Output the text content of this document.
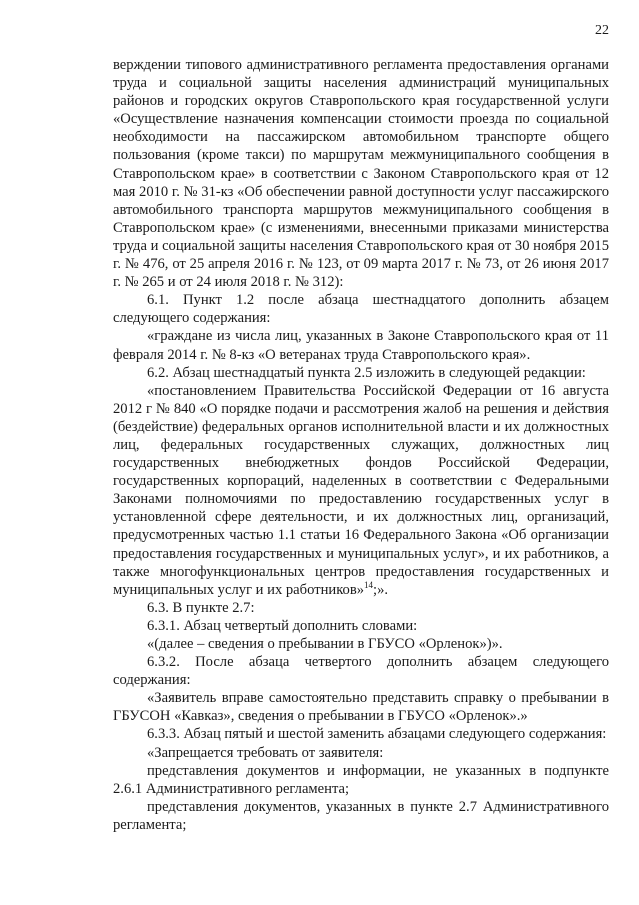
22

верждении типового административного регламента предоставления органами труда и социальной защиты населения администраций муниципальных районов и городских округов Ставропольского края государственной услуги «Осуществление назначения компенсации стоимости проезда по социальной необходимости на пассажирском автомобильном транспорте общего пользования (кроме такси) по маршрутам межмуниципального сообщения в Ставропольском крае» в соответствии с Законом Ставропольского края от 12 мая 2010 г. № 31-кз «Об обеспечении равной доступности услуг пассажирского автомобильного транспорта маршрутов межмуниципального сообщения в Ставропольском крае» (с изменениями, внесенными приказами министерства труда и социальной защиты населения Ставропольского края от 30 ноября 2015 г. № 476, от 25 апреля 2016 г. № 123, от 09 марта 2017 г. № 73, от 26 июня 2017 г. № 265 и от 24 июля 2018 г. № 312):

6.1. Пункт 1.2 после абзаца шестнадцатого дополнить абзацем следующего содержания:

«граждане из числа лиц, указанных в Законе Ставропольского края от 11 февраля 2014 г. № 8-кз «О ветеранах труда Ставропольского края».

6.2. Абзац шестнадцатый пункта 2.5 изложить в следующей редакции:

«постановлением Правительства Российской Федерации от 16 августа 2012 г № 840 «О порядке подачи и рассмотрения жалоб на решения и действия (бездействие) федеральных органов исполнительной власти и их должностных лиц, федеральных государственных служащих, должностных лиц государственных внебюджетных фондов Российской Федерации, государственных корпораций, наделенных в соответствии с Федеральными Законами полномочиями по предоставлению государственных услуг в установленной сфере деятельности, и их должностных лиц, организаций, предусмотренных частью 1.1 статьи 16 Федерального Закона «Об организации предоставления государственных и муниципальных услуг», и их работников, а также многофункциональных центров предоставления государственных и муниципальных услуг и их работников»$^{14}$;».

6.3. В пункте 2.7:

6.3.1. Абзац четвертый дополнить словами:

«(далее – сведения о пребывании в ГБУСО «Орленок»)».

6.3.2. После абзаца четвертого дополнить абзацем следующего содержания:

«Заявитель вправе самостоятельно представить справку о пребывании в ГБУСОН «Кавказ», сведения о пребывании в ГБУСО «Орленок».»

6.3.3. Абзац пятый и шестой заменить абзацами следующего содержания:

«Запрещается требовать от заявителя:

представления документов и информации, не указанных в подпункте 2.6.1 Административного регламента;

представления документов, указанных в пункте 2.7 Административного регламента;
